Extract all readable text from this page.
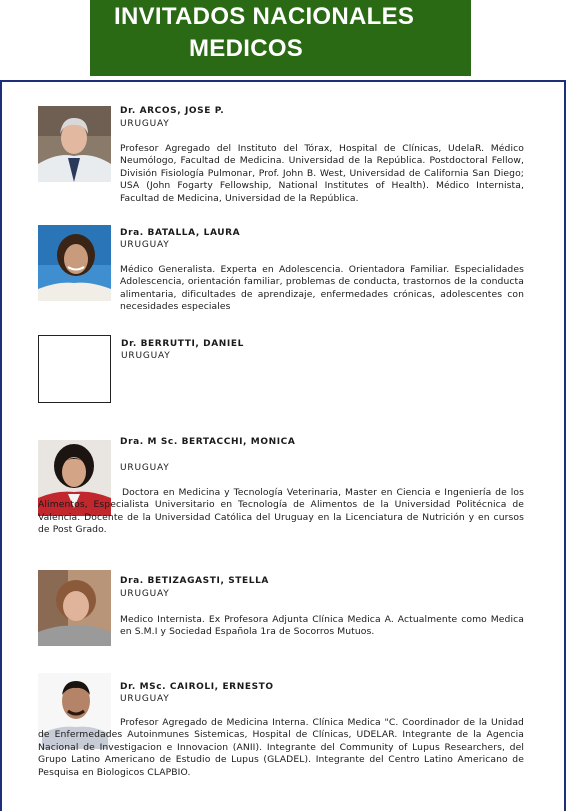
INVITADOS NACIONALES
MEDICOS
Dr. ARCOS, JOSE P.
URUGUAY

Profesor Agregado del Instituto del Tórax, Hospital de Clínicas, UdelaR. Médico Neumólogo, Facultad de Medicina. Universidad de la República. Postdoctoral Fellow, División Fisiología Pulmonar, Prof. John B. West, Universidad de California San Diego; USA (John Fogarty Fellowship, National Institutes of Health). Médico Internista, Facultad de Medicina, Universidad de la República.

Dra. BATALLA, LAURA
URUGUAY

Médico Generalista. Experta en Adolescencia. Orientadora Familiar. Especialidades Adolescencia, orientación familiar, problemas de conducta, trastornos de la conducta alimentaria, dificultades de aprendizaje, enfermedades crónicas, adolescentes con necesidades especiales

Dr. BERRUTTI, DANIEL
URUGUAY
Dra. M Sc. BERTACCHI, MONICA
URUGUAY

Doctora en Medicina y Tecnología Veterinaria, Master en Ciencia e Ingeniería de los Alimentos, Especialista Universitario en Tecnología de Alimentos de la Universidad Politécnica de Valencia. Docente de la Universidad Católica del Uruguay en la Licenciatura de Nutrición y en cursos de Post Grado.

Dra. BETIZAGASTI, STELLA
URUGUAY

Medico Internista. Ex Profesora Adjunta Clínica Medica A. Actualmente como Medica en S.M.I y Sociedad Española 1ra de Socorros Mutuos.

Dr. MSc. CAIROLI, ERNESTO
URUGUAY

Profesor Agregado de Medicina Interna. Clínica Medica "C. Coordinador de la Unidad de Enfermedades Autoinmunes Sistemicas, Hospital de Clínicas, UDELAR. Integrante de la Agencia Nacional de Investigacion e Innovacion (ANII). Integrante del Community of Lupus Researchers, del Grupo Latino Americano de Estudio de Lupus (GLADEL). Integrante del Centro Latino Americano de Pesquisa en Biologicos CLAPBIO.
